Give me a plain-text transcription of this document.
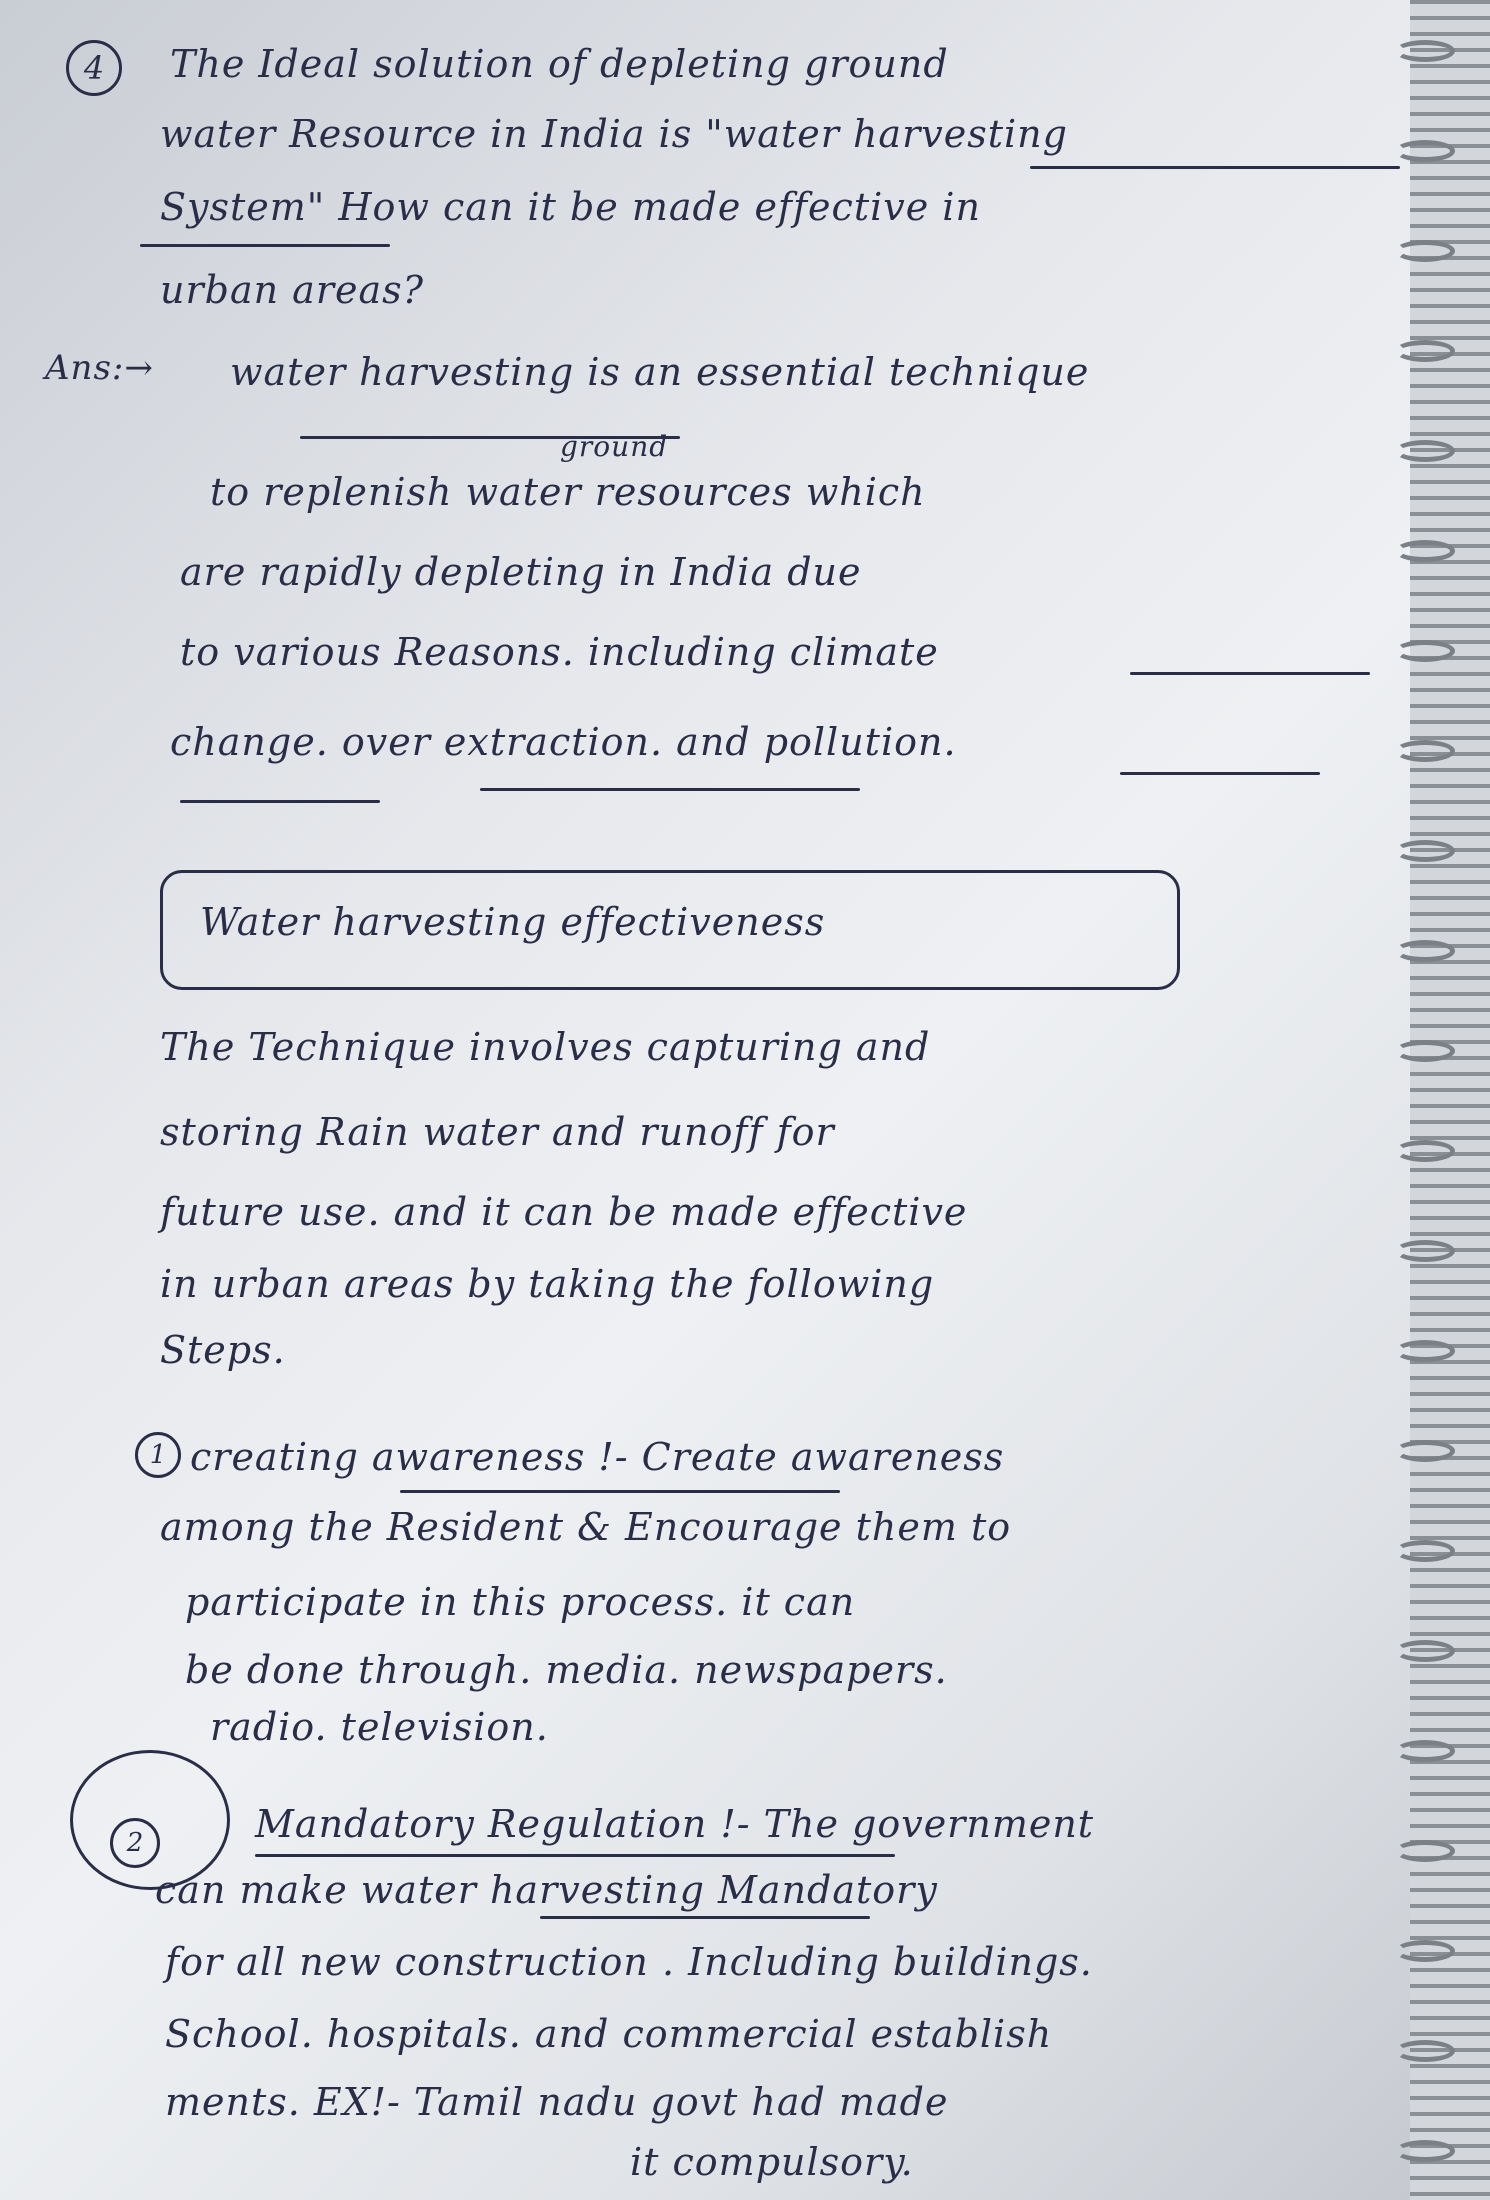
4	The Ideal solution of depleting ground
water Resource in India is "water harvesting
System" How can it be made effective in
urban areas?
Ans:→ water harvesting is an essential technique
ground
to replenish water resources which
are rapidly depleting in India due
to various Reasons. including climate
change. over extraction. and pollution.
Water harvesting effectiveness
The Technique involves capturing and
storing Rain water and runoff for
future use. and it can be made effective
in urban areas by taking the following
Steps.
1 creating awareness !- Create awareness
among the Resident & Encourage them to
participate in this process. it can
be done through. media. newspapers.
radio. television.
2	Mandatory Regulation !- The government
can make water harvesting Mandatory
for all new construction . Including buildings.
School. hospitals. and commercial establish
ments. EX!- Tamil nadu govt had made
it compulsory.
